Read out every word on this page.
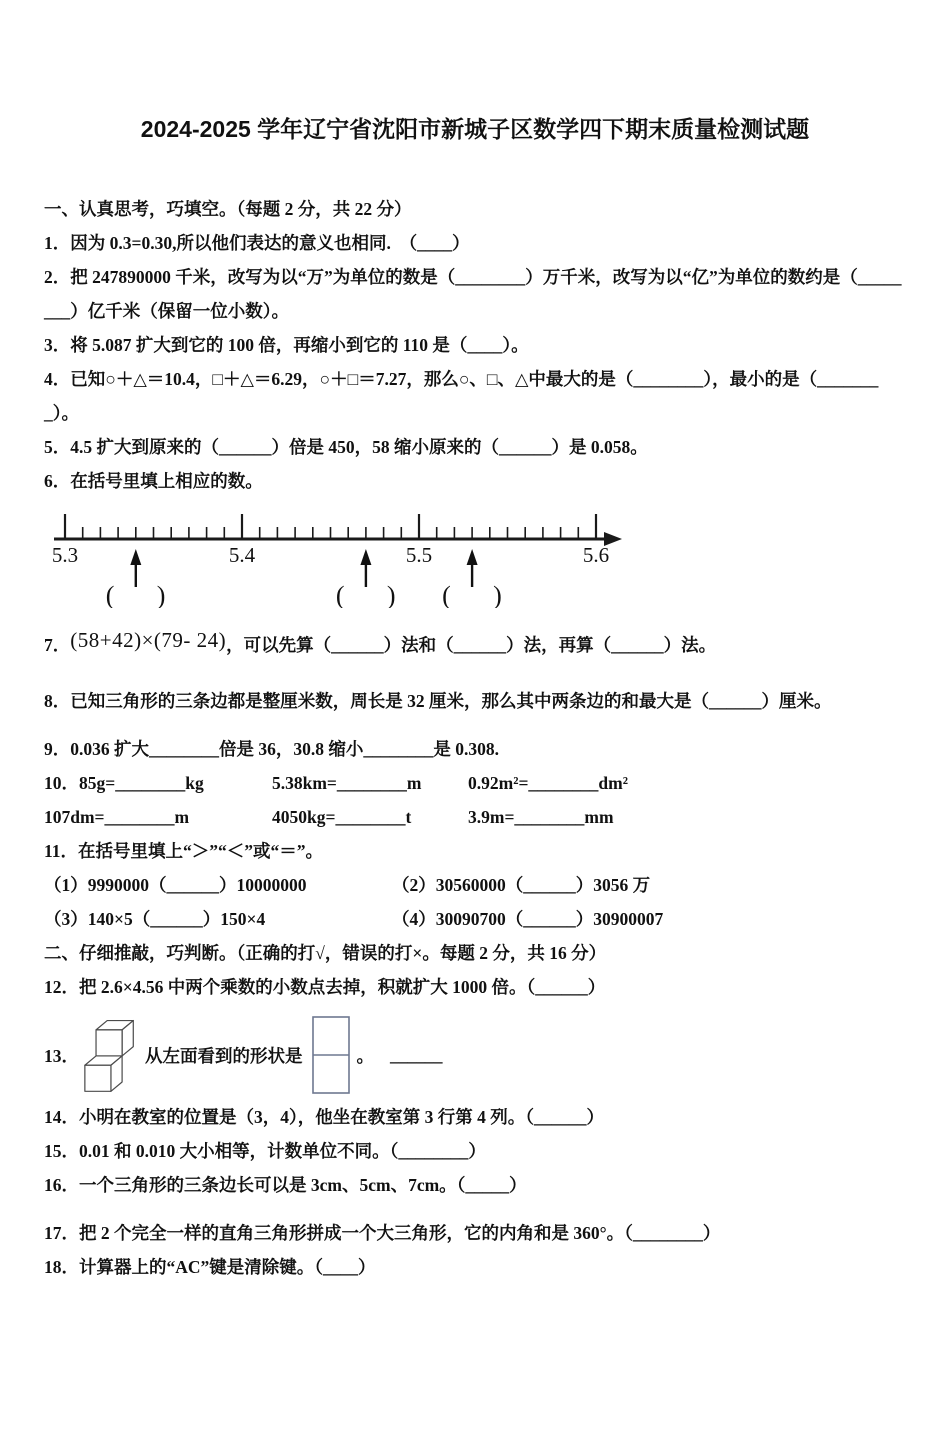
2024-2025 学年辽宁省沈阳市新城子区数学四下期末质量检测试题

一、认真思考，巧填空。（每题 2 分，共 22 分）

1．因为 0.3=0.30,所以他们表达的意义也相同.　（____）

2．把 247890000 千米，改写为以“万”为单位的数是（________）万千米，改写为以“亿”为单位的数约是（_____
___）亿千米（保留一位小数）。

3．将 5.087 扩大到它的 100 倍，再缩小到它的 110 是（____）。

4．已知○＋△＝10.4，□＋△＝6.29，○＋□＝7.27，那么○、□、△中最大的是（________），最小的是（_______
_）。

5．4.5 扩大到原来的（______）倍是 450，58 缩小原来的（______）是 0.058。

6．在括号里填上相应的数。

5.3	5.4	5.5	5.6
( )	( ) ( )

7．(58+42)×(79- 24)，可以先算（______）法和（______）法，再算（______）法。

8．已知三角形的三条边都是整厘米数，周长是 32 厘米，那么其中两条边的和最大是（______）厘米。

9．0.036 扩大________倍是 36，30.8 缩小________是 0.308.

10．85g=________kg	5.38km=________m	0.92m²=________dm²

107dm=________m	4050kg=________t	3.9m=________mm

11．在括号里填上“＞”“＜”或“＝”。

（1）9990000（______）10000000	（2）30560000（______）3056 万

（3）140×5（______）150×4	（4）30090700（______）30900007

二、仔细推敲，巧判断。（正确的打√，错误的打×。每题 2 分，共 16 分）

12．把 2.6×4.56 中两个乘数的小数点去掉，积就扩大 1000 倍。（______）

13．	从左面看到的形状是	。 ______

14．小明在教室的位置是（3，4），他坐在教室第 3 行第 4 列。（______）

15．0.01 和 0.010 大小相等，计数单位不同。（________）

16．一个三角形的三条边长可以是 3cm、5cm、7cm。（_____）

17．把 2 个完全一样的直角三角形拼成一个大三角形，它的内角和是 360°。（________）

18．计算器上的“AC”键是清除键。（____）
